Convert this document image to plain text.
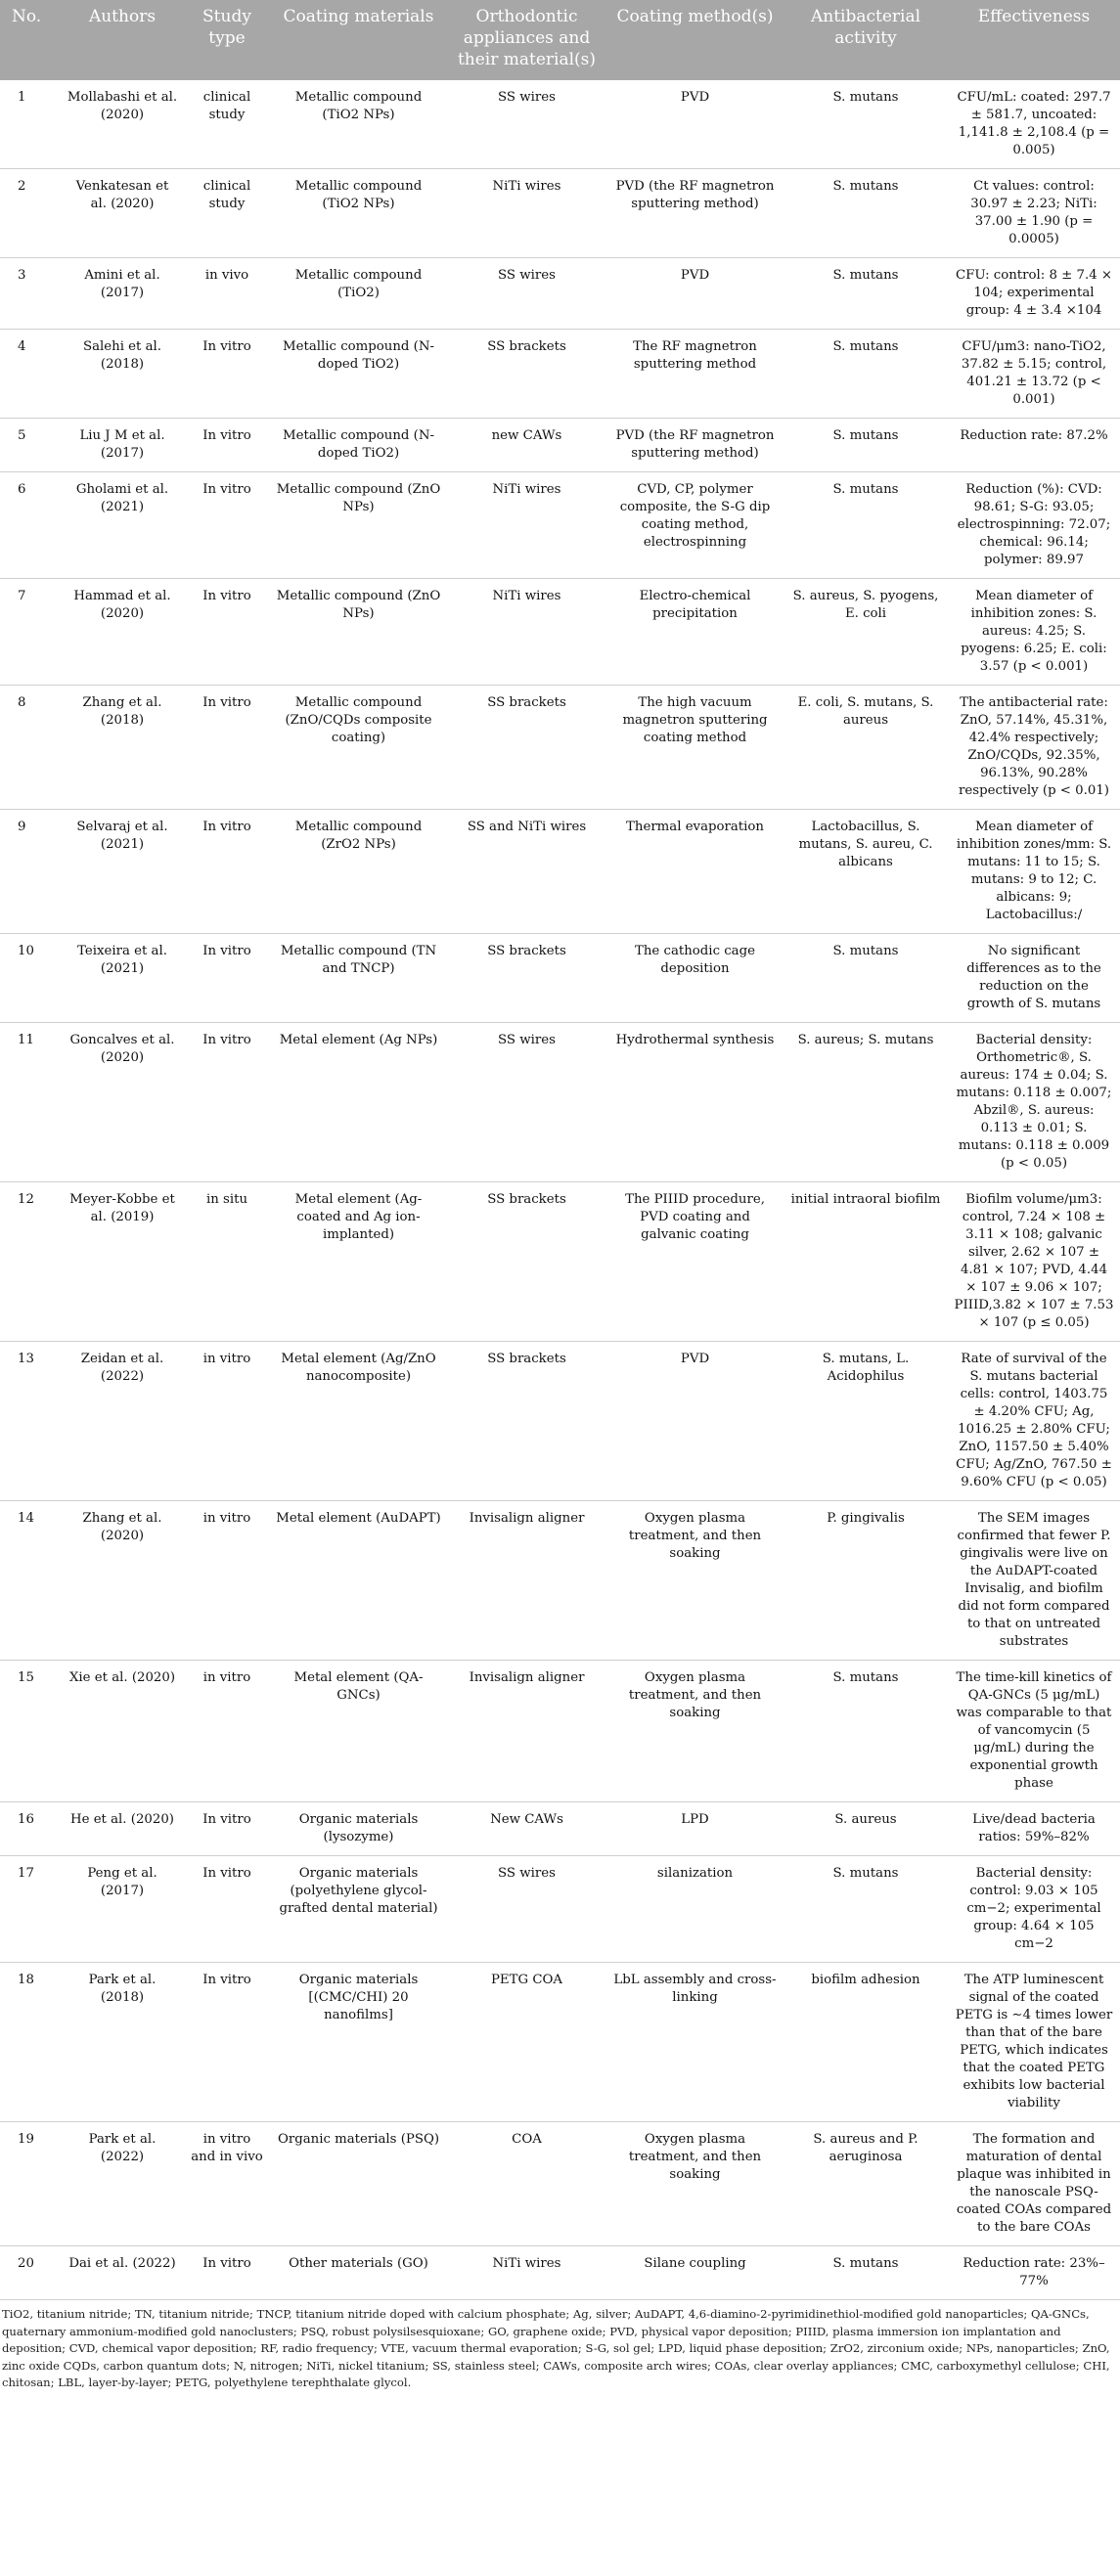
No.	Authors	Study type	Coating materials	Orthodontic appliances and their material(s)	Coating method(s)	Antibacterial activity	Effectiveness
1	Mollabashi et al. (2020)	clinical study	Metallic compound (TiO2 NPs)	SS wires	PVD	S. mutans	CFU/mL: coated: 297.7 ± 581.7, uncoated: 1,141.8 ± 2,108.4 (p = 0.005)
2	Venkatesan et al. (2020)	clinical study	Metallic compound (TiO2 NPs)	NiTi wires	PVD (the RF magnetron sputtering method)	S. mutans	Ct values: control: 30.97 ± 2.23; NiTi: 37.00 ± 1.90 (p = 0.0005)
3	Amini et al. (2017)	in vivo	Metallic compound (TiO2)	SS wires	PVD	S. mutans	CFU: control: 8 ± 7.4 × 104; experimental group: 4 ± 3.4 ×104
4	Salehi et al. (2018)	In vitro	Metallic compound (N-doped TiO2)	SS brackets	The RF magnetron sputtering method	S. mutans	CFU/μm3: nano-TiO2, 37.82 ± 5.15; control, 401.21 ± 13.72 (p < 0.001)
5	Liu J M et al. (2017)	In vitro	Metallic compound (N-doped TiO2)	new CAWs	PVD (the RF magnetron sputtering method)	S. mutans	Reduction rate: 87.2%
6	Gholami et al. (2021)	In vitro	Metallic compound (ZnO NPs)	NiTi wires	CVD, CP, polymer composite, the S-G dip coating method, electrospinning	S. mutans	Reduction (%): CVD: 98.61; S-G: 93.05; electrospinning: 72.07; chemical: 96.14; polymer: 89.97
7	Hammad et al. (2020)	In vitro	Metallic compound (ZnO NPs)	NiTi wires	Electro-chemical precipitation	S. aureus, S. pyogens, E. coli	Mean diameter of inhibition zones: S. aureus: 4.25; S. pyogens: 6.25; E. coli: 3.57 (p < 0.001)
8	Zhang et al. (2018)	In vitro	Metallic compound (ZnO/CQDs composite coating)	SS brackets	The high vacuum magnetron sputtering coating method	E. coli, S. mutans, S. aureus	The antibacterial rate: ZnO, 57.14%, 45.31%, 42.4% respectively; ZnO/CQDs, 92.35%, 96.13%, 90.28% respectively (p < 0.01)
9	Selvaraj et al. (2021)	In vitro	Metallic compound (ZrO2 NPs)	SS and NiTi wires	Thermal evaporation	Lactobacillus, S. mutans, S. aureu, C. albicans	Mean diameter of inhibition zones/mm: S. mutans: 11 to 15; S. mutans: 9 to 12; C. albicans: 9; Lactobacillus:/
10	Teixeira et al. (2021)	In vitro	Metallic compound (TN and TNCP)	SS brackets	The cathodic cage deposition	S. mutans	No significant differences as to the reduction on the growth of S. mutans
11	Goncalves et al. (2020)	In vitro	Metal element (Ag NPs)	SS wires	Hydrothermal synthesis	S. aureus; S. mutans	Bacterial density: Orthometric®, S. aureus: 174 ± 0.04; S. mutans: 0.118 ± 0.007; Abzil®, S. aureus: 0.113 ± 0.01; S. mutans: 0.118 ± 0.009 (p < 0.05)
12	Meyer-Kobbe et al. (2019)	in situ	Metal element (Ag-coated and Ag ion-implanted)	SS brackets	The PIIID procedure, PVD coating and galvanic coating	initial intraoral biofilm	Biofilm volume/μm3: control, 7.24 × 108 ± 3.11 × 108; galvanic silver, 2.62 × 107 ± 4.81 × 107; PVD, 4.44 × 107 ± 9.06 × 107; PIIID,3.82 × 107 ± 7.53 × 107 (p ≤ 0.05)
13	Zeidan et al. (2022)	in vitro	Metal element (Ag/ZnO nanocomposite)	SS brackets	PVD	S. mutans, L. Acidophilus	Rate of survival of the S. mutans bacterial cells: control, 1403.75 ± 4.20% CFU; Ag, 1016.25 ± 2.80% CFU; ZnO, 1157.50 ± 5.40% CFU; Ag/ZnO, 767.50 ± 9.60% CFU (p < 0.05)
14	Zhang et al. (2020)	in vitro	Metal element (AuDAPT)	Invisalign aligner	Oxygen plasma treatment, and then soaking	P. gingivalis	The SEM images confirmed that fewer P. gingivalis were live on the AuDAPT-coated Invisalig, and biofilm did not form compared to that on untreated substrates
15	Xie et al. (2020)	in vitro	Metal element (QA-GNCs)	Invisalign aligner	Oxygen plasma treatment, and then soaking	S. mutans	The time-kill kinetics of QA-GNCs (5 μg/mL) was comparable to that of vancomycin (5 μg/mL) during the exponential growth phase
16	He et al. (2020)	In vitro	Organic materials (lysozyme)	New CAWs	LPD	S. aureus	Live/dead bacteria ratios: 59%–82%
17	Peng et al. (2017)	In vitro	Organic materials (polyethylene glycol-grafted dental material)	SS wires	silanization	S. mutans	Bacterial density: control: 9.03 × 105 cm−2; experimental group: 4.64 × 105 cm−2
18	Park et al. (2018)	In vitro	Organic materials [(CMC/CHI) 20 nanofilms]	PETG COA	LbL assembly and cross-linking	biofilm adhesion	The ATP luminescent signal of the coated PETG is ∼4 times lower than that of the bare PETG, which indicates that the coated PETG exhibits low bacterial viability
19	Park et al. (2022)	in vitro and in vivo	Organic materials (PSQ)	COA	Oxygen plasma treatment, and then soaking	S. aureus and P. aeruginosa	The formation and maturation of dental plaque was inhibited in the nanoscale PSQ-coated COAs compared to the bare COAs
20	Dai et al. (2022)	In vitro	Other materials (GO)	NiTi wires	Silane coupling	S. mutans	Reduction rate: 23%–77%
TiO2, titanium nitride; TN, titanium nitride; TNCP, titanium nitride doped with calcium phosphate; Ag, silver; AuDAPT, 4,6-diamino-2-pyrimidinethiol-modified gold nanoparticles; QA-GNCs, quaternary ammonium-modified gold nanoclusters; PSQ, robust polysilsesquioxane; GO, graphene oxide; PVD, physical vapor deposition; PIIID, plasma immersion ion implantation and deposition; CVD, chemical vapor deposition; RF, radio frequency; VTE, vacuum thermal evaporation; S-G, sol gel; LPD, liquid phase deposition; ZrO2, zirconium oxide; NPs, nanoparticles; ZnO, zinc oxide CQDs, carbon quantum dots; N, nitrogen; NiTi, nickel titanium; SS, stainless steel; CAWs, composite arch wires; COAs, clear overlay appliances; CMC, carboxymethyl cellulose; CHI, chitosan; LBL, layer-by-layer; PETG, polyethylene terephthalate glycol.
